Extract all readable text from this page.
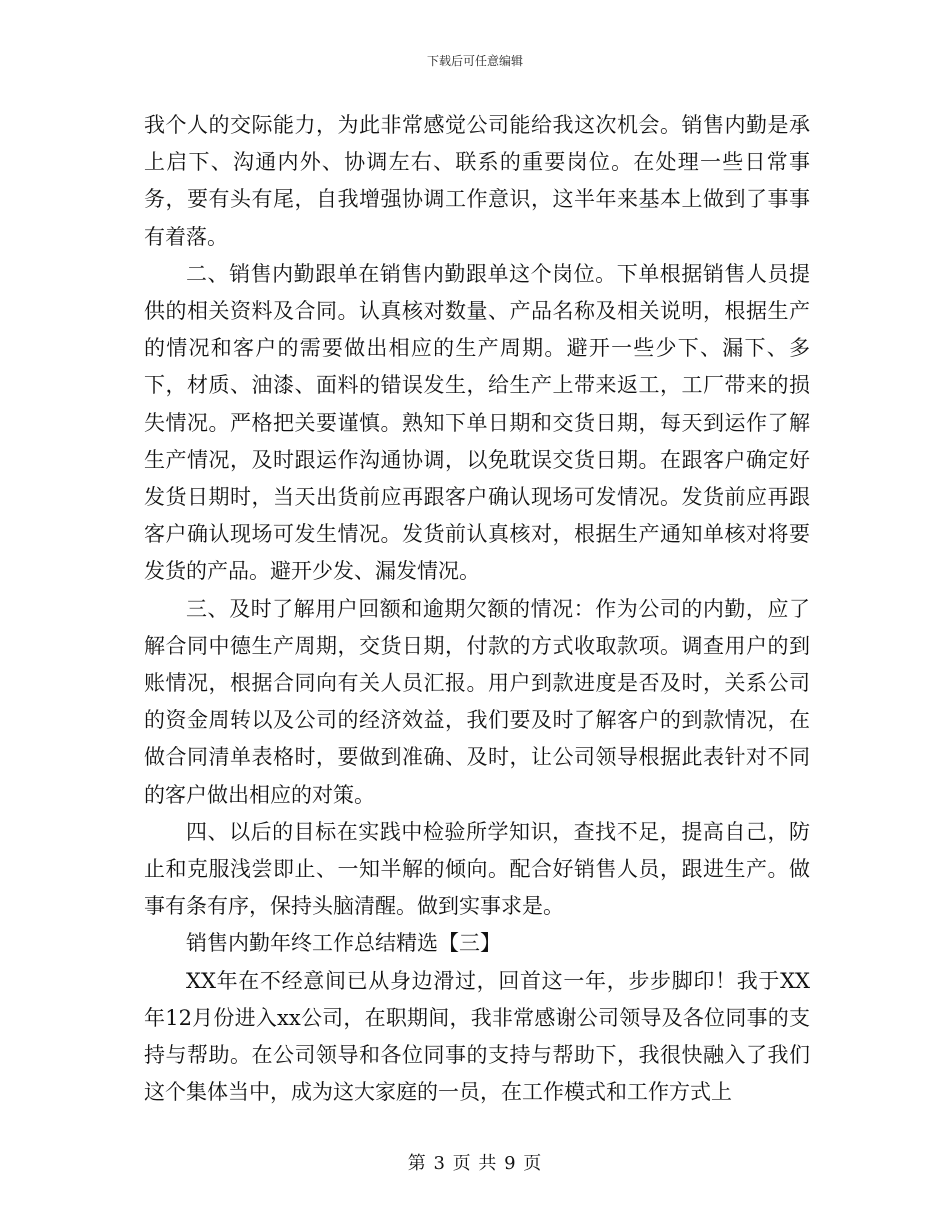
下载后可任意编辑

我个人的交际能力，为此非常感觉公司能给我这次机会。销售内勤是承上启下、沟通内外、协调左右、联系的重要岗位。在处理一些日常事务，要有头有尾，自我增强协调工作意识，这半年来基本上做到了事事有着落。

二、销售内勤跟单在销售内勤跟单这个岗位。下单根据销售人员提供的相关资料及合同。认真核对数量、产品名称及相关说明，根据生产的情况和客户的需要做出相应的生产周期。避开一些少下、漏下、多下，材质、油漆、面料的错误发生，给生产上带来返工，工厂带来的损失情况。严格把关要谨慎。熟知下单日期和交货日期，每天到运作了解生产情况，及时跟运作沟通协调，以免耽误交货日期。在跟客户确定好发货日期时，当天出货前应再跟客户确认现场可发情况。发货前应再跟客户确认现场可发生情况。发货前认真核对，根据生产通知单核对将要发货的产品。避开少发、漏发情况。

三、及时了解用户回额和逾期欠额的情况：作为公司的内勤，应了解合同中德生产周期，交货日期，付款的方式收取款项。调查用户的到账情况，根据合同向有关人员汇报。用户到款进度是否及时，关系公司的资金周转以及公司的经济效益，我们要及时了解客户的到款情况，在做合同清单表格时，要做到准确、及时，让公司领导根据此表针对不同的客户做出相应的对策。

四、以后的目标在实践中检验所学知识，查找不足，提高自己，防止和克服浅尝即止、一知半解的倾向。配合好销售人员，跟进生产。做事有条有序，保持头脑清醒。做到实事求是。

销售内勤年终工作总结精选【三】

XX年在不经意间已从身边滑过，回首这一年，步步脚印！我于XX年12月份进入xx公司，在职期间，我非常感谢公司领导及各位同事的支持与帮助。在公司领导和各位同事的支持与帮助下，我很快融入了我们这个集体当中，成为这大家庭的一员，在工作模式和工作方式上

第 3 页 共 9 页
